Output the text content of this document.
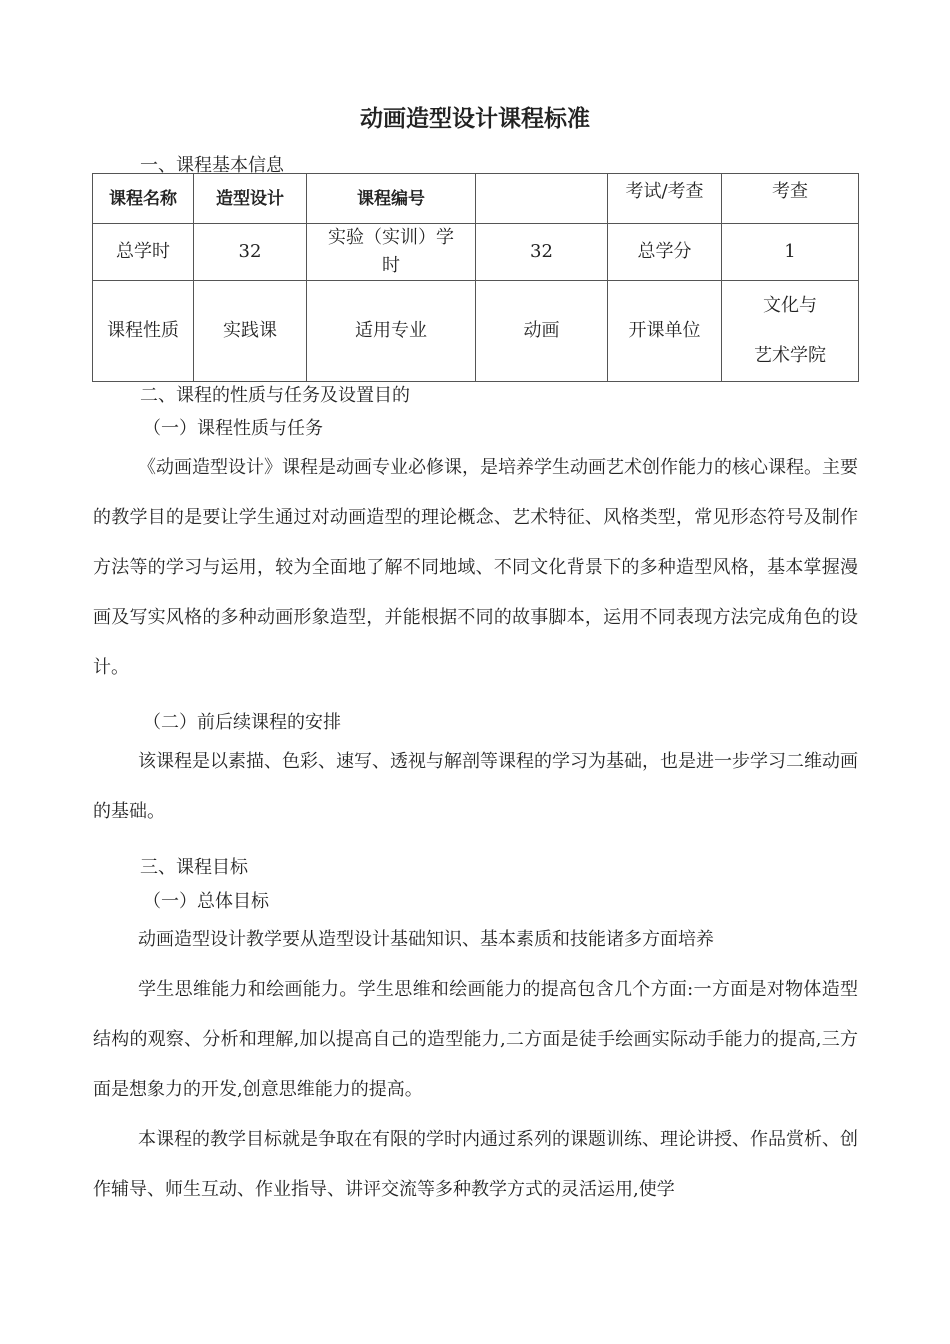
动画造型设计课程标准
一、课程基本信息
课程名称	造型设计	课程编号		考试/考查	考查
总学时	32	实验（实训）学时	32	总学分	1
课程性质	实践课	适用专业	动画	开课单位	文化与
艺术学院
二、课程的性质与任务及设置目的
（一）课程性质与任务
《动画造型设计》课程是动画专业必修课，是培养学生动画艺术创作能力的核心课程。主要的教学目的是要让学生通过对动画造型的理论概念、艺术特征、风格类型，常见形态符号及制作方法等的学习与运用，较为全面地了解不同地域、不同文化背景下的多种造型风格，基本掌握漫画及写实风格的多种动画形象造型，并能根据不同的故事脚本，运用不同表现方法完成角色的设计。
（二）前后续课程的安排
该课程是以素描、色彩、速写、透视与解剖等课程的学习为基础，也是进一步学习二维动画的基础。
三、课程目标
（一）总体目标
动画造型设计教学要从造型设计基础知识、基本素质和技能诸多方面培养
学生思维能力和绘画能力。学生思维和绘画能力的提高包含几个方面:一方面是对物体造型结构的观察、分析和理解,加以提高自己的造型能力,二方面是徒手绘画实际动手能力的提高,三方面是想象力的开发,创意思维能力的提高。
本课程的教学目标就是争取在有限的学时内通过系列的课题训练、理论讲授、作品赏析、创作辅导、师生互动、作业指导、讲评交流等多种教学方式的灵活运用,使学
